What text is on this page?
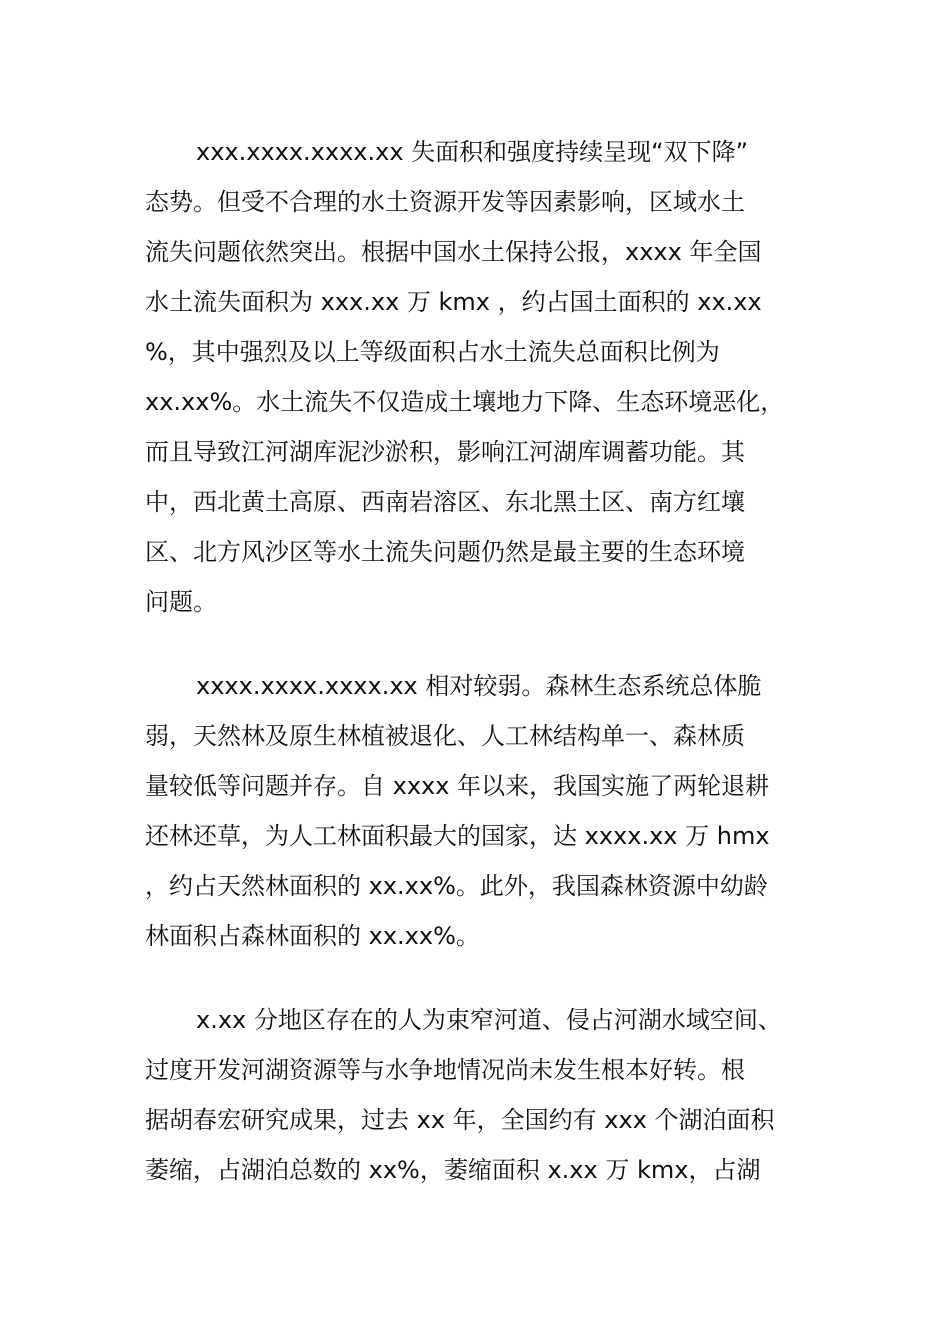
xxx.xxxx.xxxx.xx 失面积和强度持续呈现“双下降”
态势。但受不合理的水土资源开发等因素影响，区域水土
流失问题依然突出。根据中国水土保持公报，xxxx 年全国
水土流失面积为 xxx.xx 万 kmx ，约占国土面积的 xx.xx
%，其中强烈及以上等级面积占水土流失总面积比例为
xx.xx%。水土流失不仅造成土壤地力下降、生态环境恶化，
而且导致江河湖库泥沙淤积，影响江河湖库调蓄功能。其
中，西北黄土高原、西南岩溶区、东北黑土区、南方红壤
区、北方风沙区等水土流失问题仍然是最主要的生态环境
问题。
xxxx.xxxx.xxxx.xx 相对较弱。森林生态系统总体脆
弱，天然林及原生林植被退化、人工林结构单一、森林质
量较低等问题并存。自 xxxx 年以来，我国实施了两轮退耕
还林还草，为人工林面积最大的国家，达 xxxx.xx 万 hmx
，约占天然林面积的 xx.xx%。此外，我国森林资源中幼龄
林面积占森林面积的 xx.xx%。
x.xx 分地区存在的人为束窄河道、侵占河湖水域空间、
过度开发河湖资源等与水争地情况尚未发生根本好转。根
据胡春宏研究成果，过去 xx 年，全国约有 xxx 个湖泊面积
萎缩，占湖泊总数的 xx%，萎缩面积 x.xx 万 kmx，占湖
